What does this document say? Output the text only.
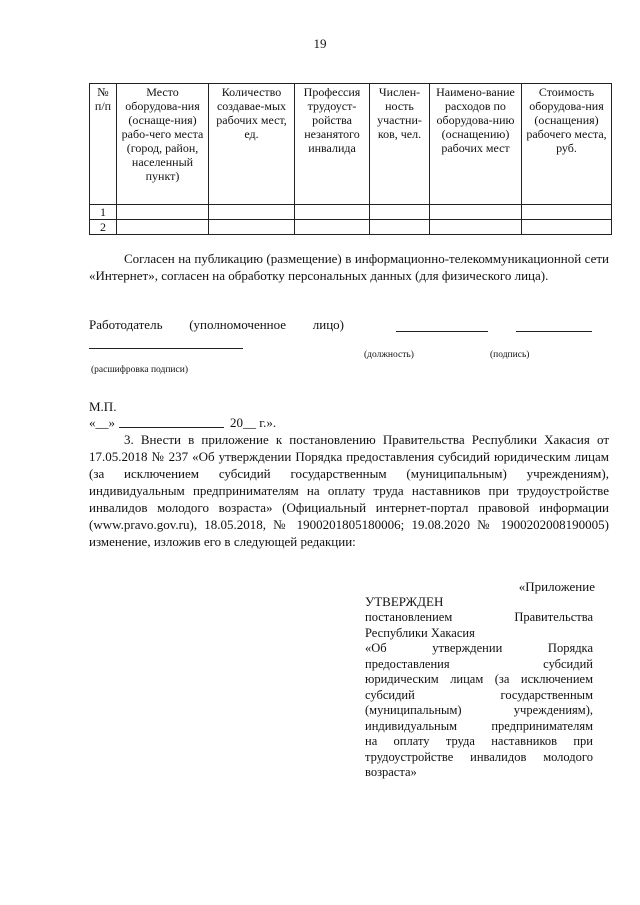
19
№ п/п	Место оборудова-ния (оснаще-ния) рабо-чего места (город, район, населенный пункт)	Количество создавае-мых рабочих мест, ед.	Профессия трудоуст-ройства незанятого инвалида	Числен-ность участни-ков, чел.	Наимено-вание расходов по оборудова-нию (оснащению) рабочих мест	Стоимость оборудова-ния (оснащения) рабочего места, руб.
1						
2						
Согласен на публикацию (размещение) в информационно-телекоммуникационной сети «Интернет», согласен на обработку персональных данных (для физического лица).
Работодатель (уполномоченное лицо)
(должность)	(подпись)
(расшифровка подписи)
М.П.
«__»	20__ г.».
3. Внести в приложение к постановлению Правительства Республики Хакасия от 17.05.2018 № 237 «Об утверждении Порядка предоставления субсидий юридическим лицам (за исключением субсидий государственным (муниципальным) учреждениям), индивидуальным предпринимателям на оплату труда наставников при трудоустройстве инвалидов молодого возраста» (Официальный интернет-портал правовой информации (www.pravo.gov.ru), 18.05.2018, № 1900201805180006; 19.08.2020 № 1900202008190005) изменение, изложив его в следующей редакции:
«Приложение
УТВЕРЖДЕН
постановлением Правительства
Республики Хакасия
«Об утверждении Порядка
предоставления субсидий
юридическим лицам (за исключением
субсидий государственным
(муниципальным) учреждениям),
индивидуальным предпринимателям
на оплату труда наставников при
трудоустройстве инвалидов молодого
возраста»
